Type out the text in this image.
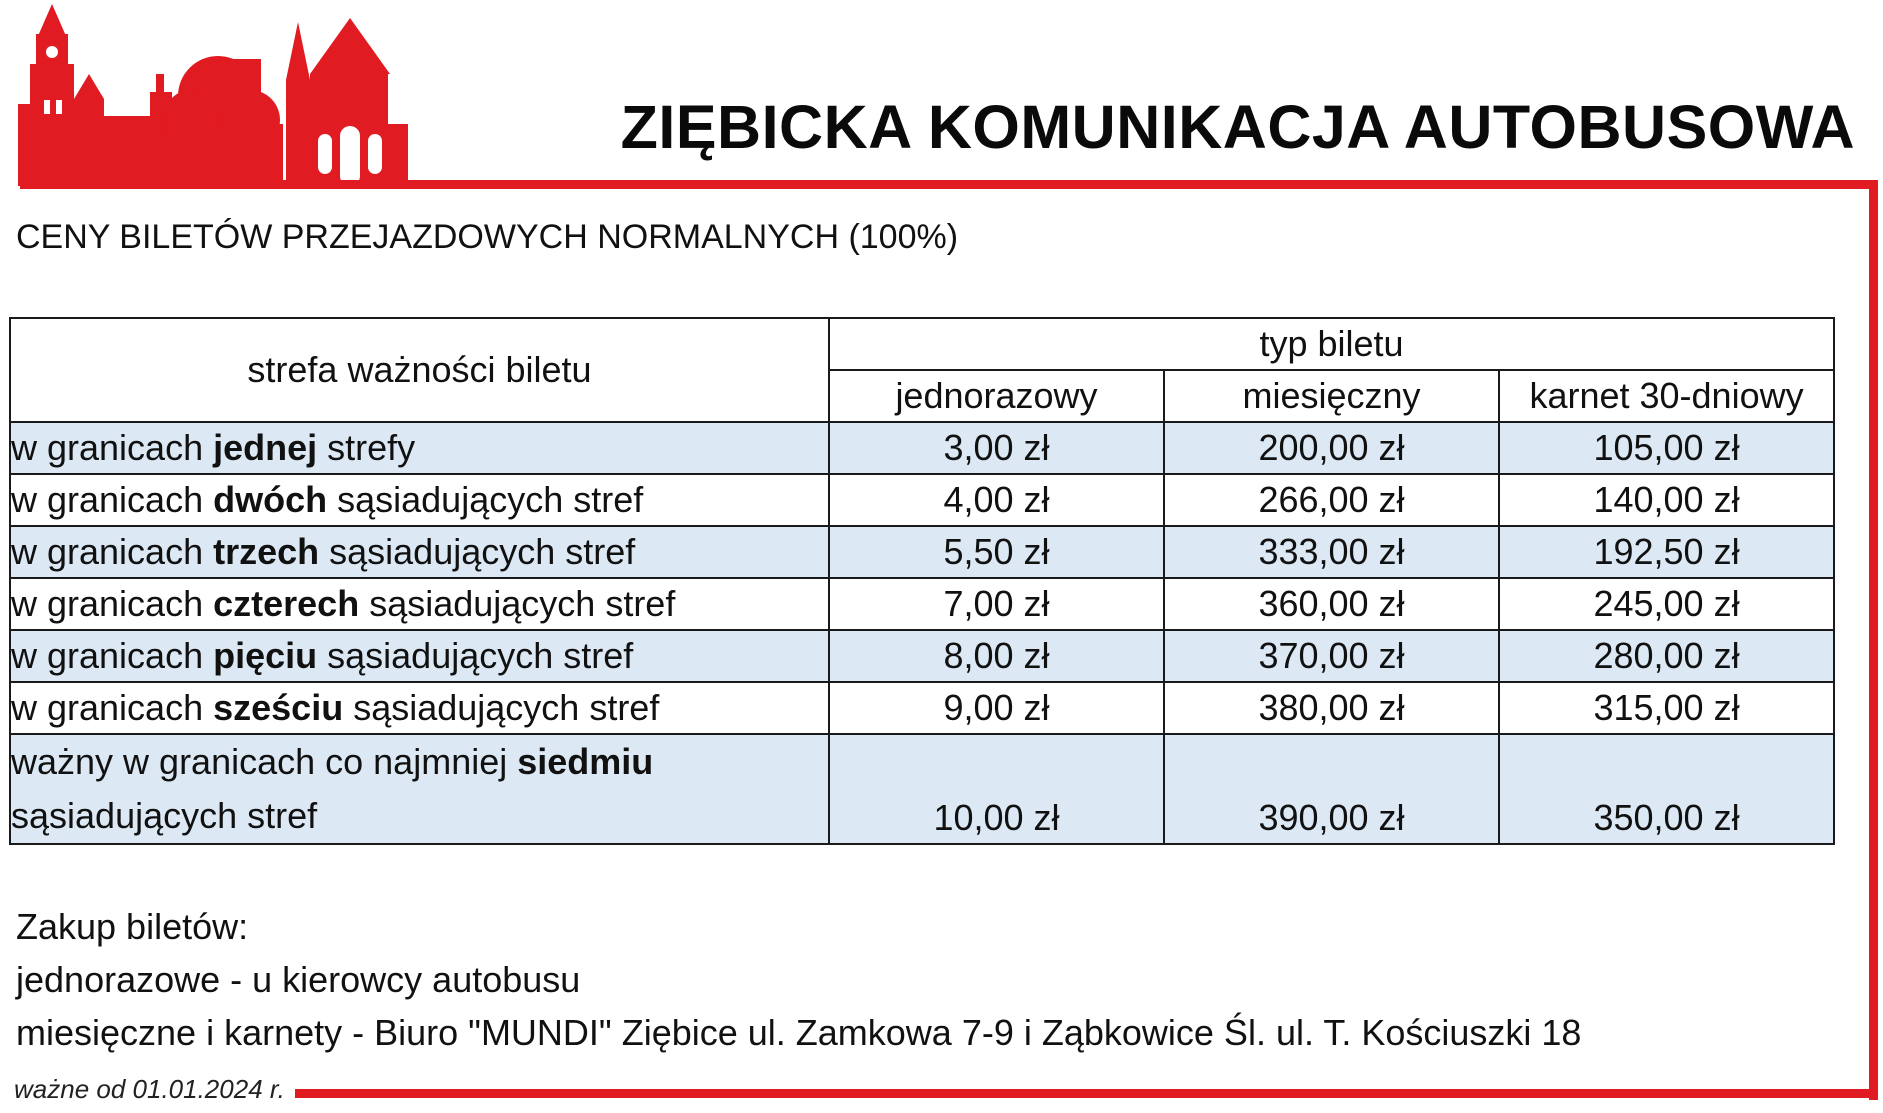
ZIĘBICKA KOMUNIKACJA AUTOBUSOWA
CENY BILETÓW PRZEJAZDOWYCH NORMALNYCH (100%)
strefa ważności biletu	typ biletu		
	jednorazowy	miesięczny	karnet 30-dniowy
w granicach jednej strefy	3,00 zł	200,00 zł	105,00 zł
w granicach dwóch sąsiadujących stref	4,00 zł	266,00 zł	140,00 zł
w granicach trzech sąsiadujących stref	5,50 zł	333,00 zł	192,50 zł
w granicach czterech sąsiadujących stref	7,00 zł	360,00 zł	245,00 zł
w granicach pięciu sąsiadujących stref	8,00 zł	370,00 zł	280,00 zł
w granicach sześciu sąsiadujących stref	9,00 zł	380,00 zł	315,00 zł
ważny w granicach co najmniej siedmiu sąsiadujących stref	10,00 zł	390,00 zł	350,00 zł
Zakup biletów:
jednorazowe - u kierowcy autobusu
miesięczne i karnety - Biuro "MUNDI" Ziębice ul. Zamkowa 7-9 i Ząbkowice Śl. ul. T. Kościuszki 18
ważne od 01.01.2024 r.
